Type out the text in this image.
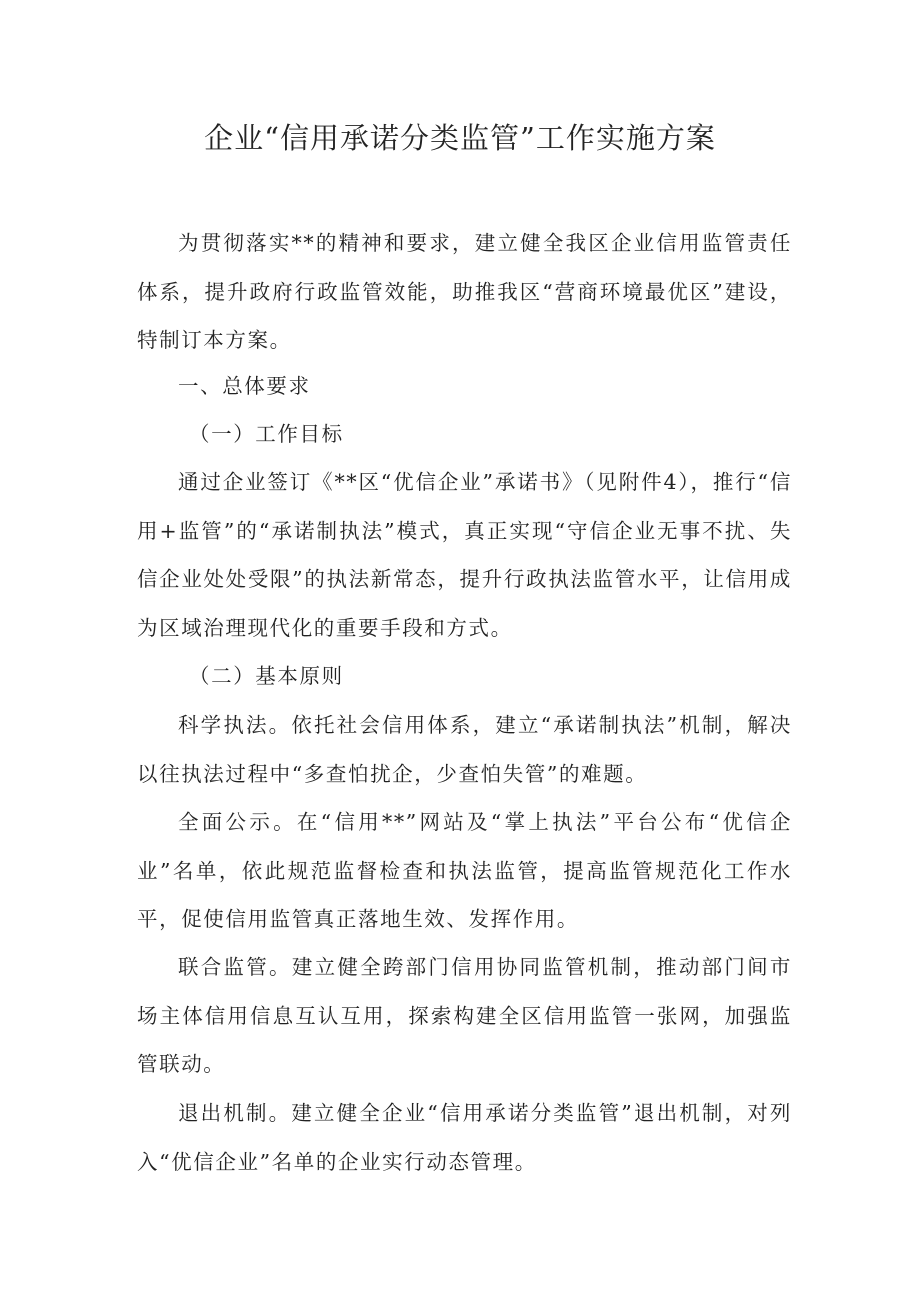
企业“信用承诺分类监管”工作实施方案

为贯彻落实**的精神和要求，建立健全我区企业信用监管责任体系，提升政府行政监管效能，助推我区“营商环境最优区”建设，特制订本方案。

一、总体要求

（一）工作目标

通过企业签订《**区“优信企业”承诺书》（见附件4），推行“信用+监管”的“承诺制执法”模式，真正实现“守信企业无事不扰、失信企业处处受限”的执法新常态，提升行政执法监管水平，让信用成为区域治理现代化的重要手段和方式。

（二）基本原则

科学执法。依托社会信用体系，建立“承诺制执法”机制，解决以往执法过程中“多查怕扰企，少查怕失管”的难题。

全面公示。在“信用**”网站及“掌上执法”平台公布“优信企业”名单，依此规范监督检查和执法监管，提高监管规范化工作水平，促使信用监管真正落地生效、发挥作用。

联合监管。建立健全跨部门信用协同监管机制，推动部门间市场主体信用信息互认互用，探索构建全区信用监管一张网，加强监管联动。

退出机制。建立健全企业“信用承诺分类监管”退出机制，对列入“优信企业”名单的企业实行动态管理。
